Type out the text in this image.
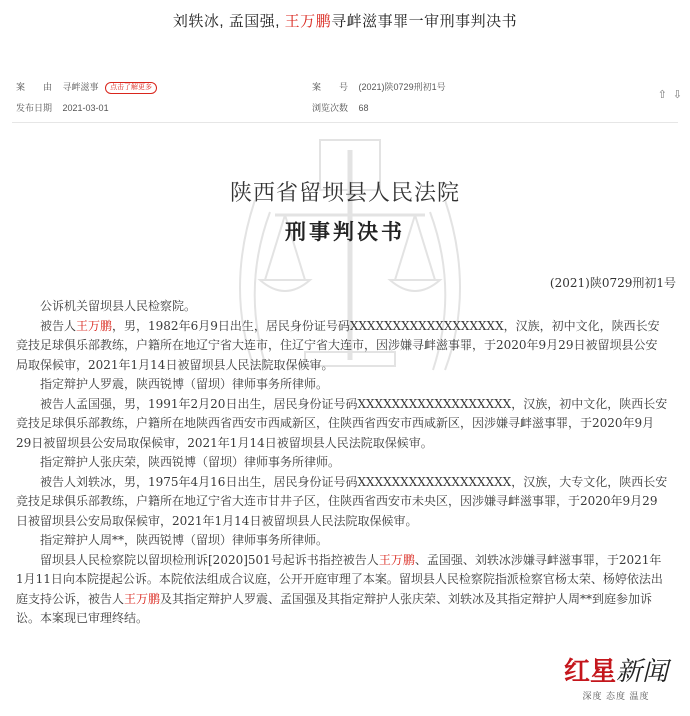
刘轶冰, 孟国强, 王万鹏寻衅滋事罪一审刑事判决书
案　　由 寻衅滋事 点击了解更多	案　　号 (2021)陕0729刑初1号
发布日期 2021-03-01	浏览次数 68
⇧ ⇩
陕西省留坝县人民法院
刑事判决书
(2021)陕0729刑初1号

公诉机关留坝县人民检察院。

被告人王万鹏，男，1982年6月9日出生，居民身份证号码XXXXXXXXXXXXXXXXXX，汉族，初中文化，陕西长安竞技足球俱乐部教练，户籍所在地辽宁省大连市，住辽宁省大连市，因涉嫌寻衅滋事罪，于2020年9月29日被留坝县公安局取保候审，2021年1月14日被留坝县人民法院取保候审。

指定辩护人罗震，陕西锐博（留坝）律师事务所律师。

被告人孟国强，男，1991年2月20日出生，居民身份证号码XXXXXXXXXXXXXXXXXX，汉族，初中文化，陕西长安竞技足球俱乐部教练，户籍所在地陕西省西安市西咸新区，住陕西省西安市西咸新区，因涉嫌寻衅滋事罪，于2020年9月29日被留坝县公安局取保候审，2021年1月14日被留坝县人民法院取保候审。

指定辩护人张庆荣，陕西锐博（留坝）律师事务所律师。

被告人刘轶冰，男，1975年4月16日出生，居民身份证号码XXXXXXXXXXXXXXXXXX，汉族，大专文化，陕西长安竞技足球俱乐部教练，户籍所在地辽宁省大连市甘井子区，住陕西省西安市未央区，因涉嫌寻衅滋事罪，于2020年9月29日被留坝县公安局取保候审，2021年1月14日被留坝县人民法院取保候审。

指定辩护人周**，陕西锐博（留坝）律师事务所律师。

留坝县人民检察院以留坝检刑诉[2020]501号起诉书指控被告人王万鹏、孟国强、刘轶冰涉嫌寻衅滋事罪，于2021年1月11日向本院提起公诉。本院依法组成合议庭，公开开庭审理了本案。留坝县人民检察院指派检察官杨太荣、杨婷依法出庭支持公诉，被告人王万鹏及其指定辩护人罗震、孟国强及其指定辩护人张庆荣、刘轶冰及其指定辩护人周**到庭参加诉讼。本案现已审理终结。

红星新闻
深度 态度 温度
